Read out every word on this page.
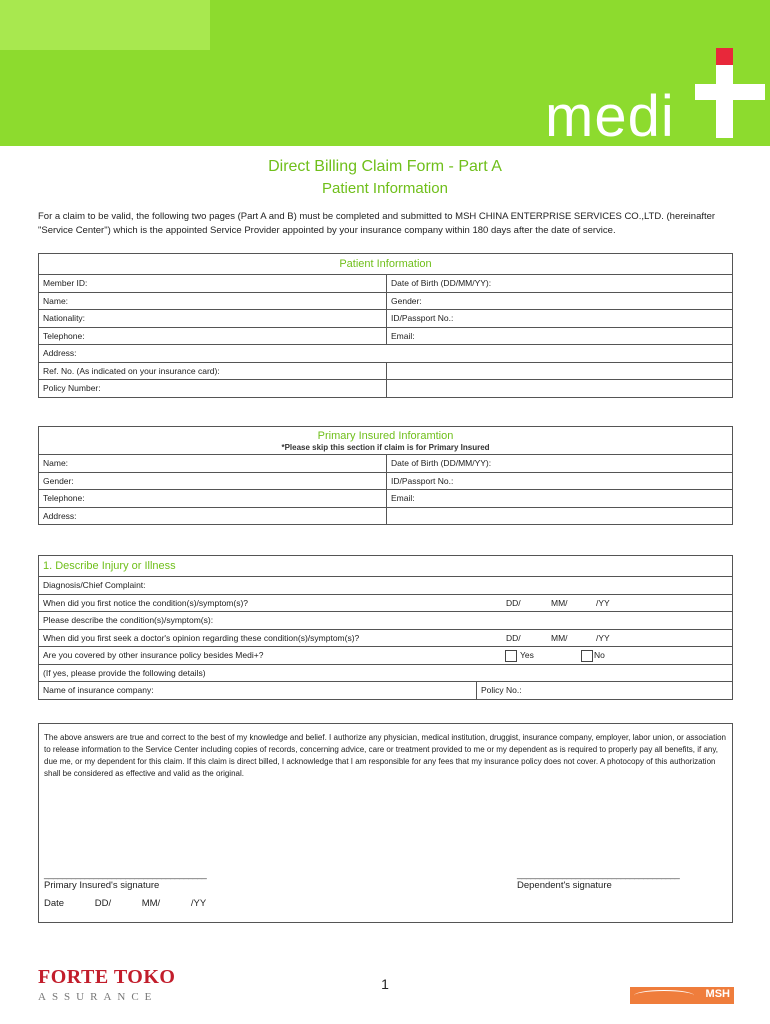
medi
Direct Billing Claim Form - Part A
Patient Information
For a claim to be valid, the following two pages (Part A and B) must be completed and submitted to MSH CHINA ENTERPRISE SERVICES CO.,LTD. (hereinafter "Service Center") which is the appointed Service Provider appointed by your insurance company within 180 days after the date of service.
Patient Information
Member ID:	Date of Birth (DD/MM/YY):
Name:	Gender:
Nationality:	ID/Passport No.:
Telephone:	Email:
Address:
Ref. No. (As indicated on your insurance card):
Policy Number:
Primary Insured Inforamtion
*Please skip this section if claim is for Primary Insured
Name:	Date of Birth (DD/MM/YY):
Gender:	ID/Passport No.:
Telephone:	Email:
Address:
1. Describe Injury or Illness
Diagnosis/Chief Complaint:
When did you first notice the condition(s)/symptom(s)?	DD/	MM/	/YY
Please describe the condition(s)/symptom(s):
When did you first seek a doctor's opinion regarding these condition(s)/symptom(s)?	DD/	MM/	/YY
Are you covered by other insurance policy besides Medi+?	Yes	No
(If yes, please provide the following details)
Name of insurance company:	Policy No.:

The above answers are true and correct to the best of my knowledge and belief. I authorize any physician, medical institution, druggist, insurance company, employer, labor union, or association to release information to the Service Center including copies of records, concerning advice, care or treatment provided to me or my dependent as is required to properly pay all benefits, if any, due me, or my dependent for this claim. If this claim is direct billed, I acknowledge that I am responsible for any fees that my insurance policy does not cover. A photocopy of this authorization shall be considered as effective and valid as the original.

____________________________________	____________________________________
Primary Insured's signature	Dependent's signature
Date	DD/	MM/	/YY
FORTE TOKO
ASSURANCE
1
MSH
